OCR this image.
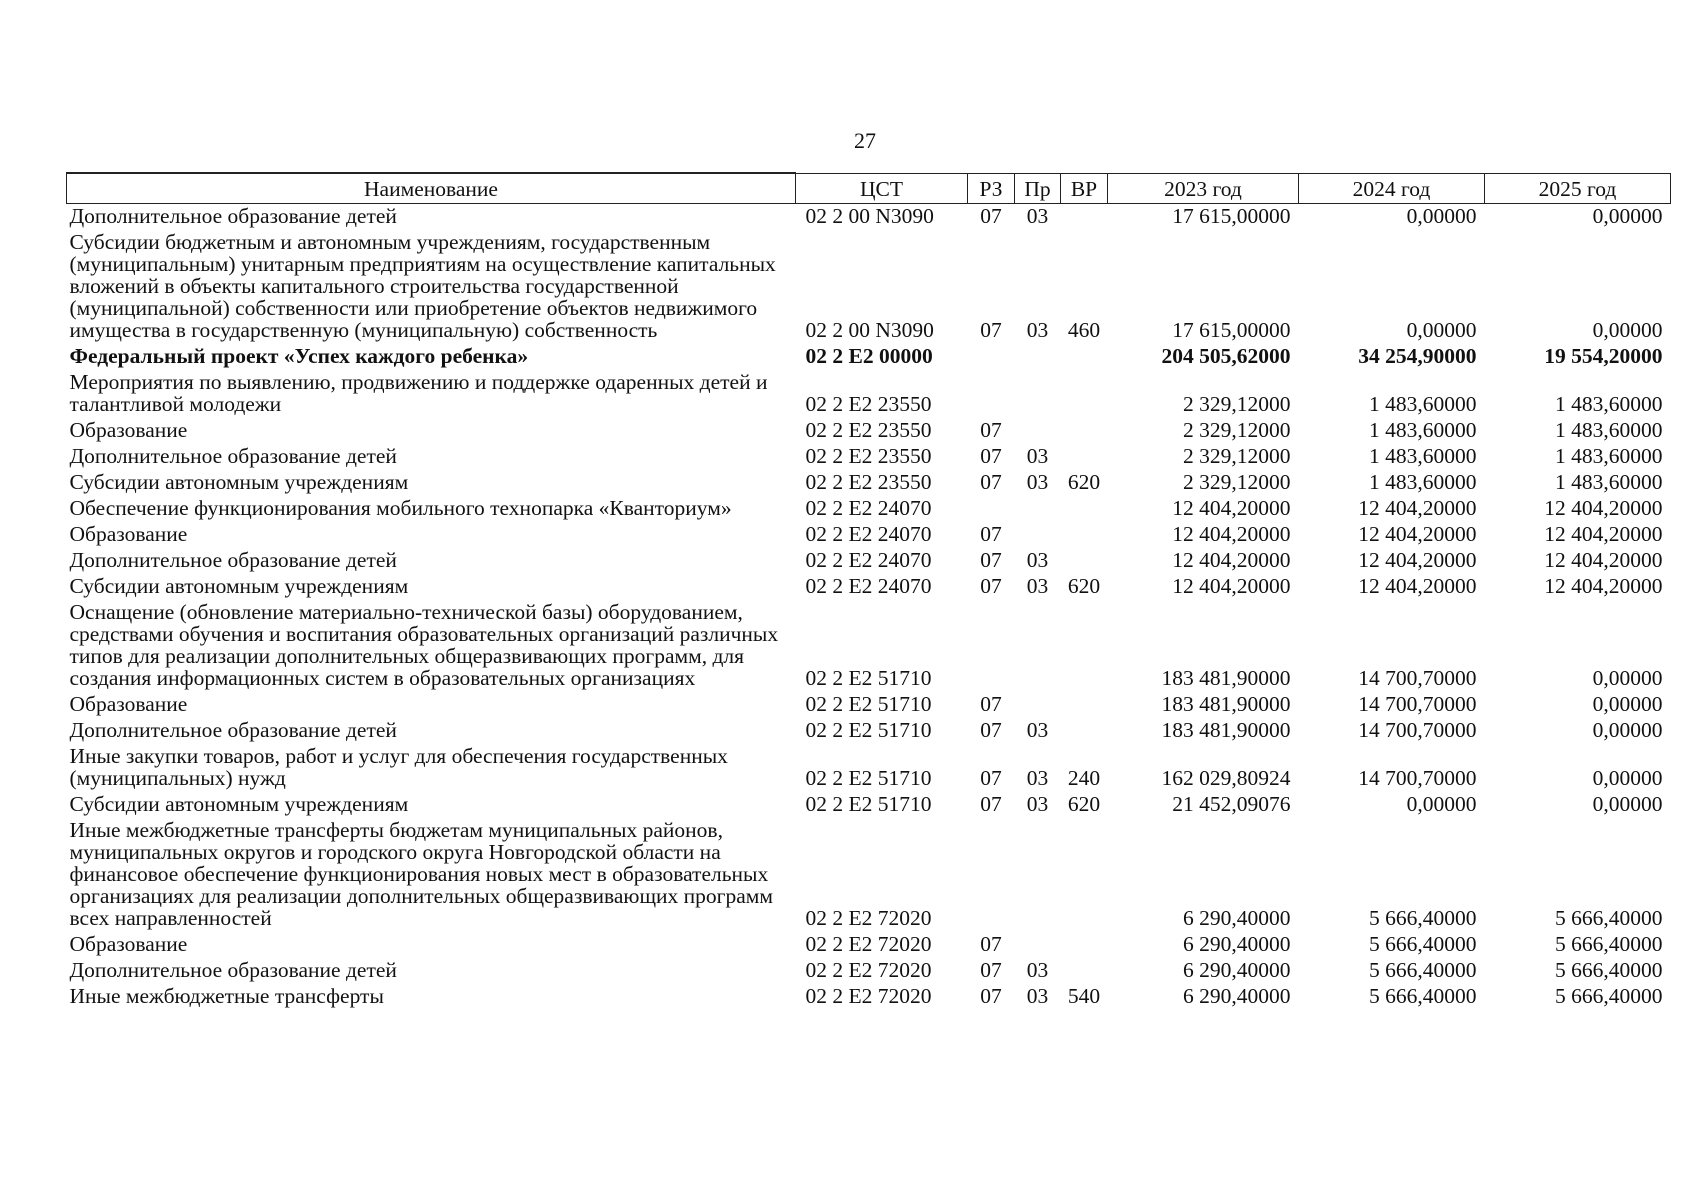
27
Наименование	ЦСТ	РЗ	Пр	ВР	2023 год	2024 год	2025 год
Дополнительное образование детей	02 2 00 N3090	07	03		17 615,00000	0,00000	0,00000
Субсидии бюджетным и автономным учреждениям, государственным (муниципальным) унитарным предприятиям на осуществление капитальных вложений в объекты капитального строительства государственной (муниципальной) собственности или приобретение объектов недвижимого имущества в государственную (муниципальную) собственность	02 2 00 N3090	07	03	460	17 615,00000	0,00000	0,00000
Федеральный проект «Успех каждого ребенка»	02 2 E2 00000				204 505,62000	34 254,90000	19 554,20000
Мероприятия по выявлению, продвижению и поддержке одаренных детей и талантливой молодежи	02 2 E2 23550				2 329,12000	1 483,60000	1 483,60000
Образование	02 2 E2 23550	07			2 329,12000	1 483,60000	1 483,60000
Дополнительное образование детей	02 2 E2 23550	07	03		2 329,12000	1 483,60000	1 483,60000
Субсидии автономным учреждениям	02 2 E2 23550	07	03	620	2 329,12000	1 483,60000	1 483,60000
Обеспечение функционирования мобильного технопарка «Кванториум»	02 2 E2 24070				12 404,20000	12 404,20000	12 404,20000
Образование	02 2 E2 24070	07			12 404,20000	12 404,20000	12 404,20000
Дополнительное образование детей	02 2 E2 24070	07	03		12 404,20000	12 404,20000	12 404,20000
Субсидии автономным учреждениям	02 2 E2 24070	07	03	620	12 404,20000	12 404,20000	12 404,20000
Оснащение (обновление материально-технической базы) оборудованием, средствами обучения и воспитания образовательных организаций различных типов для реализации дополнительных общеразвивающих программ, для создания информационных систем в образовательных организациях	02 2 E2 51710				183 481,90000	14 700,70000	0,00000
Образование	02 2 E2 51710	07			183 481,90000	14 700,70000	0,00000
Дополнительное образование детей	02 2 E2 51710	07	03		183 481,90000	14 700,70000	0,00000
Иные закупки товаров, работ и услуг для обеспечения государственных (муниципальных) нужд	02 2 E2 51710	07	03	240	162 029,80924	14 700,70000	0,00000
Субсидии автономным учреждениям	02 2 E2 51710	07	03	620	21 452,09076	0,00000	0,00000
Иные межбюджетные трансферты бюджетам муниципальных районов, муниципальных округов и городского округа Новгородской области на финансовое обеспечение функционирования новых мест в образовательных организациях для реализации дополнительных общеразвивающих программ всех направленностей	02 2 E2 72020				6 290,40000	5 666,40000	5 666,40000
Образование	02 2 E2 72020	07			6 290,40000	5 666,40000	5 666,40000
Дополнительное образование детей	02 2 E2 72020	07	03		6 290,40000	5 666,40000	5 666,40000
Иные межбюджетные трансферты	02 2 E2 72020	07	03	540	6 290,40000	5 666,40000	5 666,40000
